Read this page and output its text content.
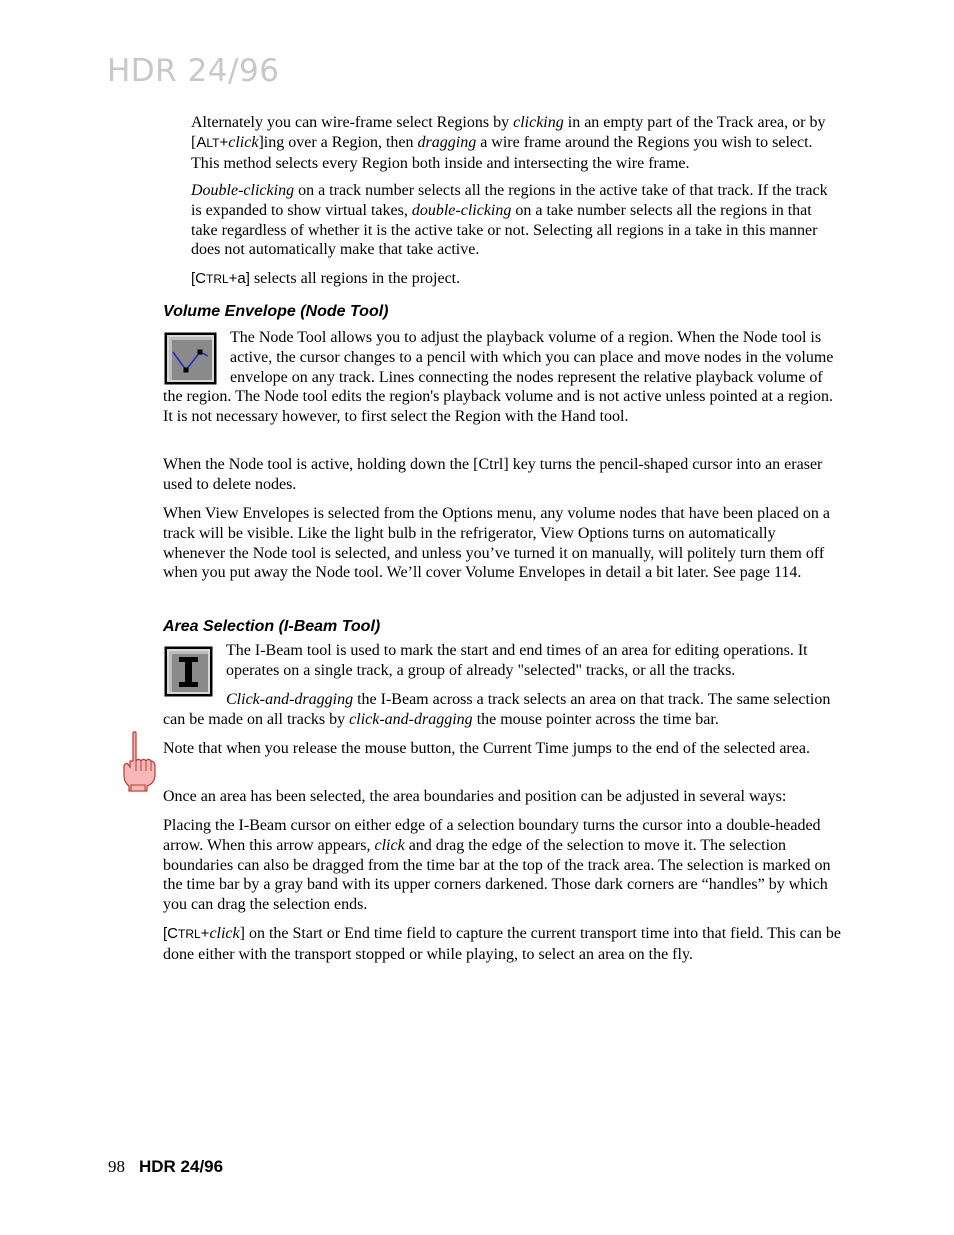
HDR 24/96

Alternately you can wire-frame select Regions by clicking in an empty part of the Track area, or by [ALT+click]ing over a Region, then dragging a wire frame around the Regions you wish to select. This method selects every Region both inside and intersecting the wire frame.

Double-clicking on a track number selects all the regions in the active take of that track. If the track is expanded to show virtual takes, double-clicking on a take number selects all the regions in that take regardless of whether it is the active take or not. Selecting all regions in a take in this manner does not automatically make that take active.

[CTRL+a] selects all regions in the project.

Volume Envelope (Node Tool)

The Node Tool allows you to adjust the playback volume of a region. When the Node tool is active, the cursor changes to a pencil with which you can place and move nodes in the volume envelope on any track. Lines connecting the nodes represent the relative playback volume of the region. The Node tool edits the region's playback volume and is not active unless pointed at a region. It is not necessary however, to first select the Region with the Hand tool.

When the Node tool is active, holding down the [Ctrl] key turns the pencil-shaped cursor into an eraser used to delete nodes.

When View Envelopes is selected from the Options menu, any volume nodes that have been placed on a track will be visible. Like the light bulb in the refrigerator, View Options turns on automatically whenever the Node tool is selected, and unless you’ve turned it on manually, will politely turn them off when you put away the Node tool. We’ll cover Volume Envelopes in detail a bit later. See page 114.

Area Selection (I-Beam Tool)

The I-Beam tool is used to mark the start and end times of an area for editing operations. It operates on a single track, a group of already "selected" tracks, or all the tracks.

Click-and-dragging the I-Beam across a track selects an area on that track. The same selection can be made on all tracks by click-and-dragging the mouse pointer across the time bar.

Note that when you release the mouse button, the Current Time jumps to the end of the selected area.

Once an area has been selected, the area boundaries and position can be adjusted in several ways:

Placing the I-Beam cursor on either edge of a selection boundary turns the cursor into a double-headed arrow. When this arrow appears, click and drag the edge of the selection to move it. The selection boundaries can also be dragged from the time bar at the top of the track area. The selection is marked on the time bar by a gray band with its upper corners darkened. Those dark corners are “handles” by which you can drag the selection ends.

[CTRL+click] on the Start or End time field to capture the current transport time into that field. This can be done either with the transport stopped or while playing, to select an area on the fly.

98 HDR 24/96
